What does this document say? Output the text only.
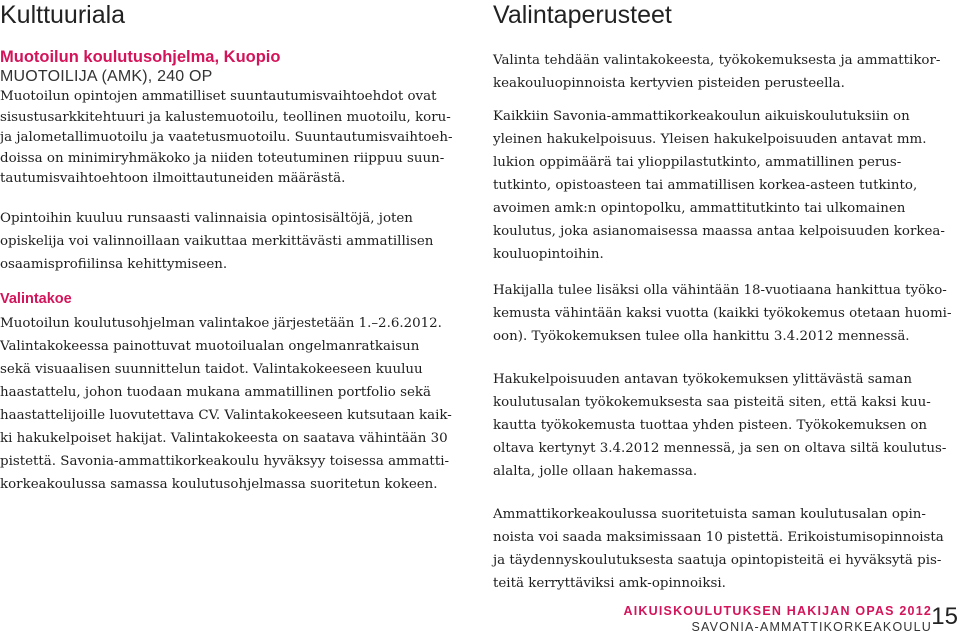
Kulttuuriala
Muotoilun koulutusohjelma, Kuopio
MUOTOILIJA (AMK), 240 OP

Muotoilun opintojen ammatilliset suuntautumisvaihtoehdot ovat
sisustusarkkitehtuuri ja kalustemuotoilu, teollinen muotoilu, koru-
ja jalometallimuotoilu ja vaatetusmuotoilu. Suuntautumisvaihtoeh-
doissa on minimiryhmäkoko ja niiden toteutuminen riippuu suun-
tautumisvaihtoehtoon ilmoittautuneiden määrästä.

Opintoihin kuuluu runsaasti valinnaisia opintosisältöjä, joten
opiskelija voi valinnoillaan vaikuttaa merkittävästi ammatillisen
osaamisprofiilinsa kehittymiseen.

Valintakoe

Muotoilun koulutusohjelman valintakoe järjestetään 1.–2.6.2012.
Valintakokeessa painottuvat muotoilualan ongelmanratkaisun
sekä visuaalisen suunnittelun taidot. Valintakokeeseen kuuluu
haastattelu, johon tuodaan mukana ammatillinen portfolio sekä
haastattelijoille luovutettava CV. Valintakokeeseen kutsutaan kaik-
ki hakukelpoiset hakijat. Valintakokeesta on saatava vähintään 30
pistettä. Savonia-ammattikorkeakoulu hyväksyy toisessa ammatti-
korkeakoulussa samassa koulutusohjelmassa suoritetun kokeen.

Valintaperusteet

Valinta tehdään valintakokeesta, työkokemuksesta ja ammattikor-
keakouluopinnoista kertyvien pisteiden perusteella.

Kaikkiin Savonia-ammattikorkeakoulun aikuiskoulutuksiin on
yleinen hakukelpoisuus. Yleisen hakukelpoisuuden antavat mm.
lukion oppimäärä tai ylioppilastutkinto, ammatillinen perus-
tutkinto, opistoasteen tai ammatillisen korkea-asteen tutkinto,
avoimen amk:n opintopolku, ammattitutkinto tai ulkomainen
koulutus, joka asianomaisessa maassa antaa kelpoisuuden korkea-
kouluopintoihin.

Hakijalla tulee lisäksi olla vähintään 18-vuotiaana hankittua työko-
kemusta vähintään kaksi vuotta (kaikki työkokemus otetaan huomi-
oon). Työkokemuksen tulee olla hankittu 3.4.2012 mennessä.

Hakukelpoisuuden antavan työkokemuksen ylittävästä saman
koulutusalan työkokemuksesta saa pisteitä siten, että kaksi kuu-
kautta työkokemusta tuottaa yhden pisteen. Työkokemuksen on
oltava kertynyt 3.4.2012 mennessä, ja sen on oltava siltä koulutus-
alalta, jolle ollaan hakemassa.

Ammattikorkeakoulussa suoritetuista saman koulutusalan opin-
noista voi saada maksimissaan 10 pistettä. Erikoistumisopinnoista
ja täydennyskoulutuksesta saatuja opintopisteitä ei hyväksytä pis-
teitä kerryttäviksi amk-opinnoiksi.

AIKUISKOULUTUKSEN HAKIJAN OPAS 2012
SAVONIA-AMMATTIKORKEAKOULU 15
